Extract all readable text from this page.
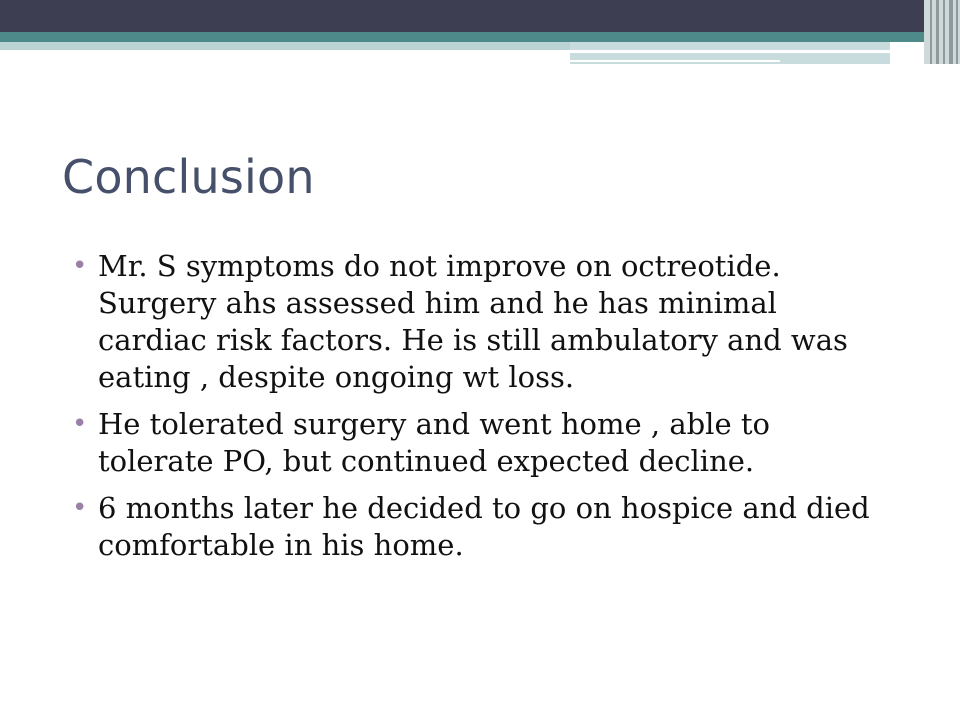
Conclusion
• Mr. S symptoms do not improve on octreotide. Surgery ahs assessed him and he has minimal cardiac risk factors. He is still ambulatory and was eating , despite ongoing wt loss.
• He tolerated surgery and went home , able to tolerate PO, but continued expected decline.
• 6 months later he decided to go on hospice and died comfortable in his home.
